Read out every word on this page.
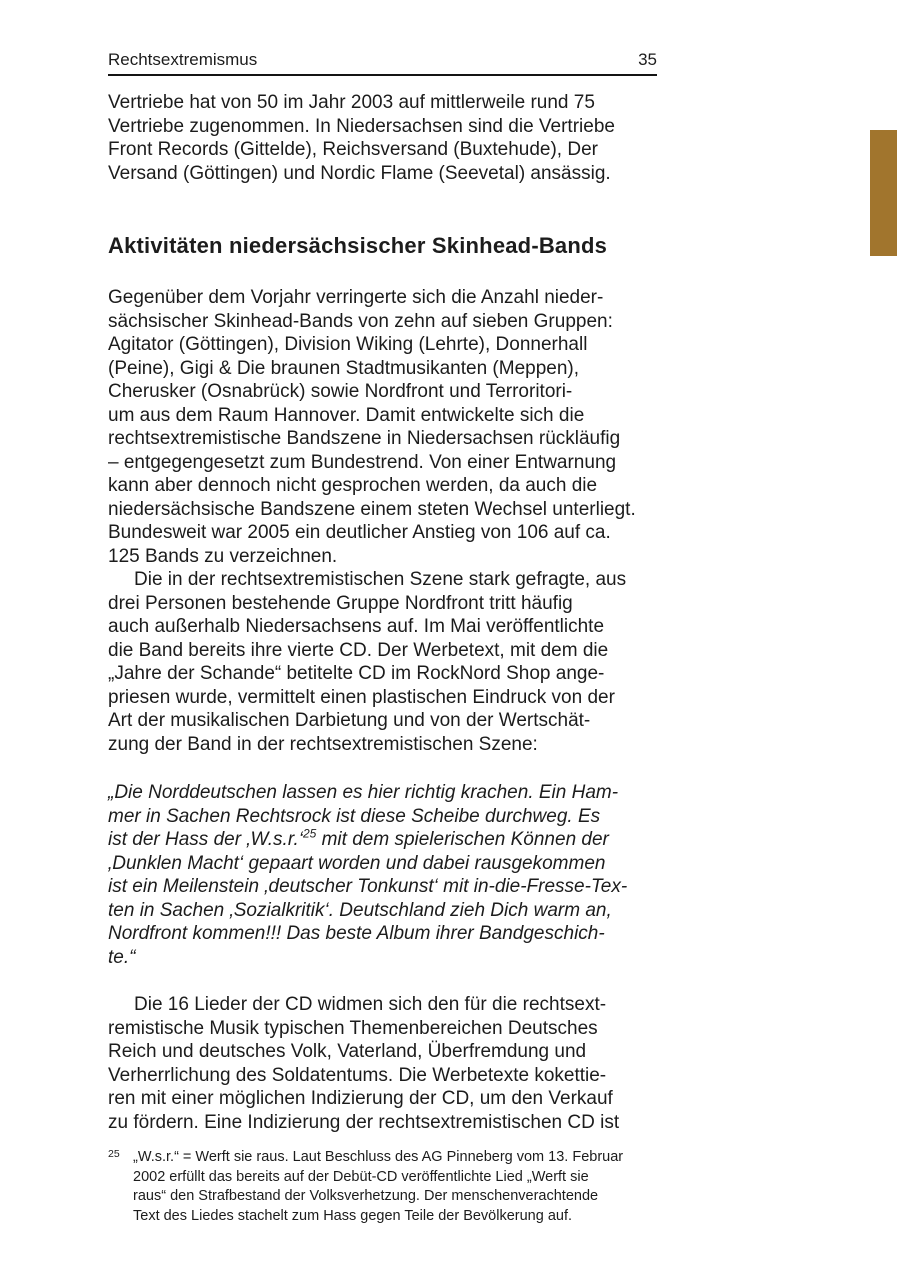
Rechtsextremismus	35
Vertriebe hat von 50 im Jahr 2003 auf mittlerweile rund 75
Vertriebe zugenommen. In Niedersachsen sind die Vertriebe
Front Records (Gittelde), Reichsversand (Buxtehude), Der
Versand (Göttingen) und Nordic Flame (Seevetal) ansässig.
Aktivitäten niedersächsischer Skinhead-Bands
Gegenüber dem Vorjahr verringerte sich die Anzahl nieder-
sächsischer Skinhead-Bands von zehn auf sieben Gruppen:
Agitator (Göttingen), Division Wiking (Lehrte), Donnerhall
(Peine), Gigi & Die braunen Stadtmusikanten (Meppen),
Cherusker (Osnabrück) sowie Nordfront und Terroritori-
um aus dem Raum Hannover. Damit entwickelte sich die
rechtsextremistische Bandszene in Niedersachsen rückläufig
– entgegengesetzt zum Bundestrend. Von einer Entwarnung
kann aber dennoch nicht gesprochen werden, da auch die
niedersächsische Bandszene einem steten Wechsel unterliegt.
Bundesweit war 2005 ein deutlicher Anstieg von 106 auf ca.
125 Bands zu verzeichnen.
Die in der rechtsextremistischen Szene stark gefragte, aus
drei Personen bestehende Gruppe Nordfront tritt häufig
auch außerhalb Niedersachsens auf. Im Mai veröffentlichte
die Band bereits ihre vierte CD. Der Werbetext, mit dem die
„Jahre der Schande“ betitelte CD im RockNord Shop ange-
priesen wurde, vermittelt einen plastischen Eindruck von der
Art der musikalischen Darbietung und von der Wertschät-
zung der Band in der rechtsextremistischen Szene:
„Die Norddeutschen lassen es hier richtig krachen. Ein Ham-
mer in Sachen Rechtsrock ist diese Scheibe durchweg. Es
ist der Hass der ‚W.s.r.‘$^{25}$ mit dem spielerischen Können der
‚Dunklen Macht‘ gepaart worden und dabei rausgekommen
ist ein Meilenstein ‚deutscher Tonkunst‘ mit in-die-Fresse-Tex-
ten in Sachen ‚Sozialkritik‘. Deutschland zieh Dich warm an,
Nordfront kommen!!! Das beste Album ihrer Bandgeschich-
te.“
Die 16 Lieder der CD widmen sich den für die rechtsext-
remistische Musik typischen Themenbereichen Deutsches
Reich und deutsches Volk, Vaterland, Überfremdung und
Verherrlichung des Soldatentums. Die Werbetexte kokettie-
ren mit einer möglichen Indizierung der CD, um den Verkauf
zu fördern. Eine Indizierung der rechtsextremistischen CD ist
25 „W.s.r.“ = Werft sie raus. Laut Beschluss des AG Pinneberg vom 13. Februar
2002 erfüllt das bereits auf der Debüt-CD veröffentlichte Lied „Werft sie
raus“ den Strafbestand der Volksverhetzung. Der menschenverachtende
Text des Liedes stachelt zum Hass gegen Teile der Bevölkerung auf.
